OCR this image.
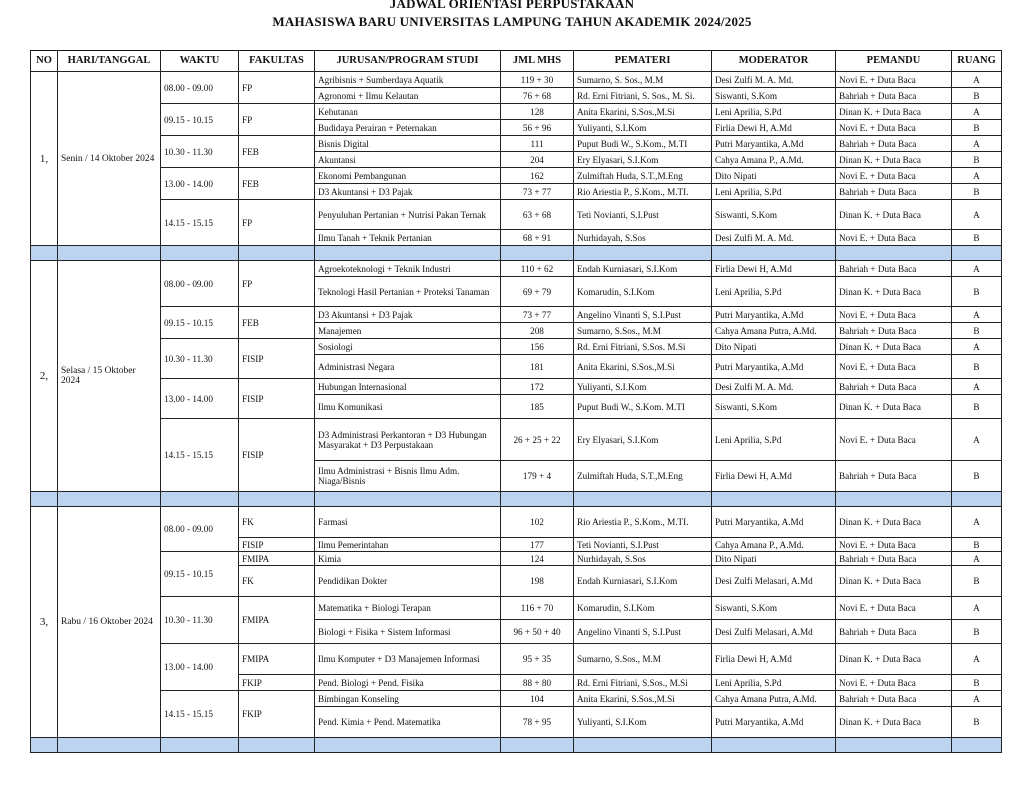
JADWAL ORIENTASI PERPUSTAKAAN
MAHASISWA BARU UNIVERSITAS LAMPUNG TAHUN AKADEMIK 2024/2025
NO	HARI/TANGGAL	WAKTU	FAKULTAS	JURUSAN/PROGRAM STUDI	JML MHS	PEMATERI	MODERATOR	PEMANDU	RUANG
1,	Senin / 14 Oktober 2024	08.00 - 09.00	FP	Agribisnis + Sumberdaya Aquatik	119 + 30	Sumarno, S. Sos., M.M	Desi Zulfi M. A. Md.	Novi E. + Duta Baca	A
				Agronomi + Ilmu Kelautan	76 + 68	Rd. Erni Fitriani, S. Sos., M. Si.	Siswanti, S.Kom	Bahriah + Duta Baca	B
		09.15 - 10.15	FP	Kehutanan	128	Anita Ekarini, S.Sos.,M.Si	Leni Aprilia, S.Pd	Dinan K. + Duta Baca	A
				Budidaya Perairan + Peternakan	56 + 96	Yuliyanti, S.I.Kom	Firlia Dewi H, A.Md	Novi E. + Duta Baca	B
		10.30 - 11.30	FEB	Bisnis Digital	111	Puput Budi W., S.Kom., M.TI	Putri Maryantika, A.Md	Bahriah + Duta Baca	A
				Akuntansi	204	Ery Elyasari, S.I.Kom	Cahya Amana P., A.Md.	Dinan K. + Duta Baca	B
		13.00 - 14.00	FEB	Ekonomi Pembangunan	162	Zulmiftah Huda, S.T.,M.Eng	Dito Nipati	Novi E. + Duta Baca	A
				D3 Akuntansi + D3 Pajak	73 + 77	Rio Ariestia P., S.Kom., M.TI.	Leni Aprilia, S.Pd	Bahriah + Duta Baca	B
		14.15 - 15.15	FP	Penyuluhan Pertanian + Nutrisi Pakan Ternak	63 + 68	Teti Novianti, S.I.Pust	Siswanti, S.Kom	Dinan K. + Duta Baca	A
				Ilmu Tanah + Teknik Pertanian	68 + 91	Nurhidayah, S.Sos	Desi Zulfi M. A. Md.	Novi E. + Duta Baca	B

2,	Selasa / 15 Oktober 2024	08.00 - 09.00	FP	Agroekoteknologi + Teknik Industri	110 + 62	Endah Kurniasari, S.I.Kom	Firlia Dewi H, A.Md	Bahriah + Duta Baca	A
				Teknologi Hasil Pertanian + Proteksi Tanaman	69 + 79	Komarudin, S.I.Kom	Leni Aprilia, S.Pd	Dinan K. + Duta Baca	B
		09.15 - 10.15	FEB	D3 Akuntansi + D3 Pajak	73 + 77	Angelino Vinanti S, S.I.Pust	Putri Maryantika, A.Md	Novi E. + Duta Baca	A
				Manajemen	208	Sumarno, S.Sos., M.M	Cahya Amana Putra, A.Md.	Bahriah + Duta Baca	B
		10.30 - 11.30	FISIP	Sosiologi	156	Rd. Erni Fitriani, S.Sos. M.Si	Dito Nipati	Dinan K. + Duta Baca	A
				Administrasi Negara	181	Anita Ekarini, S.Sos.,M.Si	Putri Maryantika, A.Md	Novi E. + Duta Baca	B
		13.00 - 14.00	FISIP	Hubungan Internasional	172	Yuliyanti, S.I.Kom	Desi Zulfi M. A. Md.	Bahriah + Duta Baca	A
				Ilmu Komunikasi	185	Puput Budi W., S.Kom. M.TI	Siswanti, S.Kom	Dinan K. + Duta Baca	B
		14.15 - 15.15	FISIP	D3 Administrasi Perkantoran + D3 Hubungan Masyarakat + D3 Perpustakaan	26 + 25 + 22	Ery Elyasari, S.I.Kom	Leni Aprilia, S.Pd	Novi E. + Duta Baca	A
				Ilmu Administrasi + Bisnis Ilmu Adm. Niaga/Bisnis	179 + 4	Zulmiftah Huda, S.T.,M.Eng	Firlia Dewi H, A.Md	Bahriah + Duta Baca	B

3,	Rabu / 16 Oktober 2024	08.00 - 09.00	FK	Farmasi	102	Rio Ariestia P., S.Kom., M.TI.	Putri Maryantika, A.Md	Dinan K. + Duta Baca	A
			FISIP	Ilmu Pemerintahan	177	Teti Novianti, S.I.Pust	Cahya Amana P., A.Md.	Novi E. + Duta Baca	B
		09.15 - 10.15	FMIPA	Kimia	124	Nurhidayah, S.Sos	Dito Nipati	Bahriah + Duta Baca	A
			FK	Pendidikan Dokter	198	Endah Kurniasari, S.I.Kom	Desi Zulfi Melasari, A.Md	Dinan K. + Duta Baca	B
		10.30 - 11.30	FMIPA	Matematika + Biologi Terapan	116 + 70	Komarudin, S.I.Kom	Siswanti, S.Kom	Novi E. + Duta Baca	A
				Biologi + Fisika + Sistem Informasi	96 + 50 + 40	Angelino Vinanti S, S.I.Pust	Desi Zulfi Melasari, A.Md	Bahriah + Duta Baca	B
		13.00 - 14.00	FMIPA	Ilmu Komputer + D3 Manajemen Informasi	95 + 35	Sumarno, S.Sos., M.M	Firlia Dewi H, A.Md	Dinan K. + Duta Baca	A
			FKIP	Pend. Biologi + Pend. Fisika	88 + 80	Rd. Erni Fitriani, S.Sos., M.Si	Leni Aprilia, S.Pd	Novi E. + Duta Baca	B
		14.15 - 15.15	FKIP	Bimbingan Konseling	104	Anita Ekarini, S.Sos.,M.Si	Cahya Amana Putra, A.Md.	Bahriah + Duta Baca	A
				Pend. Kimia + Pend. Matematika	78 + 95	Yuliyanti, S.I.Kom	Putri Maryantika, A.Md	Dinan K. + Duta Baca	B
